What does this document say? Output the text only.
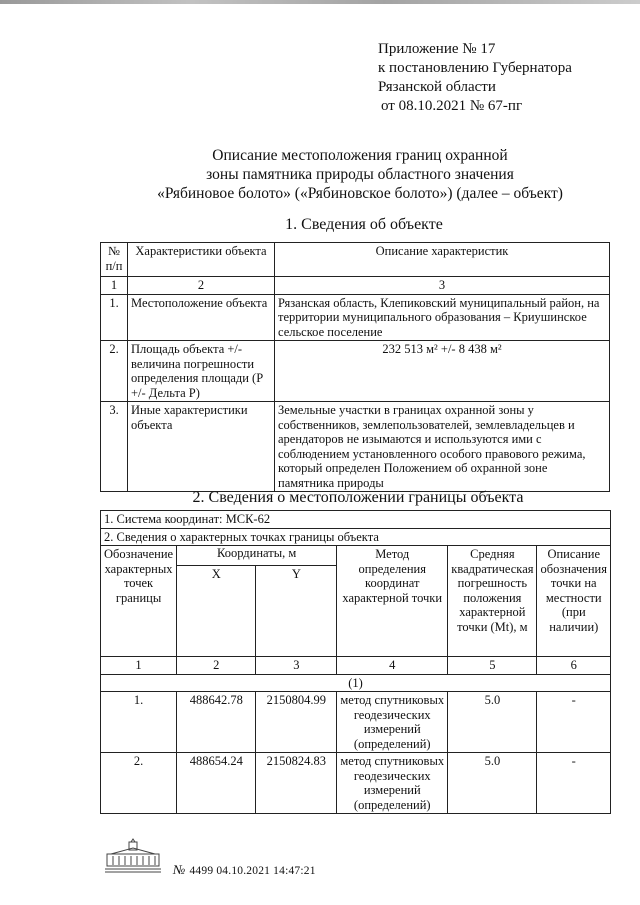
Приложение № 17
к постановлению Губернатора
Рязанской области
от 08.10.2021 № 67-пг
Описание местоположения границ охранной
зоны памятника природы областного значения
«Рябиновое болото» («Рябиновское болото») (далее – объект)
1. Сведения об объекте
№ п/п	Характеристики объекта	Описание характеристик
1	2	3
1.	Местоположение объекта	Рязанская область, Клепиковский муниципальный район, на территории муниципального образования – Криушинское сельское поселение
2.	Площадь объекта +/- величина погрешности определения площади (Р +/- Дельта Р)	232 513 м² +/- 8 438 м²
3.	Иные характеристики объекта	Земельные участки в границах охранной зоны у собственников, землепользователей, землевладельцев и арендаторов не изымаются и используются ими с соблюдением установленного особого правового режима, который определен Положением об охранной зоне памятника природы
2. Сведения о местоположении границы объекта
1. Система координат: МСК-62					
2. Сведения о характерных точках границы объекта					
Обозначение характерных точек границы	Координаты, м		Метод определения координат характерной точки	Средняя квадратическая погрешность положения характерной точки (Mt), м	Описание обозначения точки на местности (при наличии)
	X	Y			
1	2	3	4	5	6
(1)					
1.	488642.78	2150804.99	метод спутниковых геодезических измерений (определений)	5.0	-
2.	488654.24	2150824.83	метод спутниковых геодезических измерений (определений)	5.0	-
№ 4499 04.10.2021 14:47:21
